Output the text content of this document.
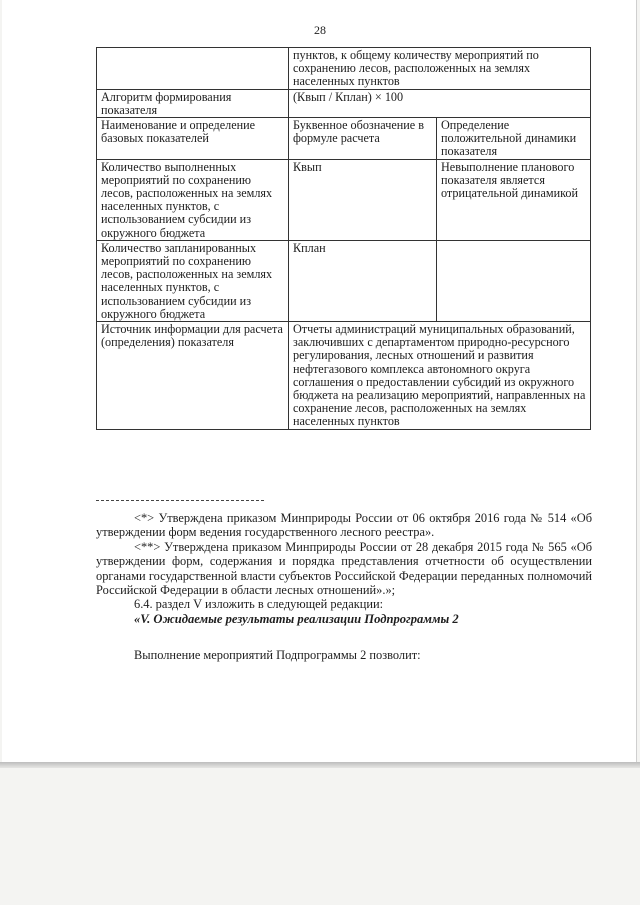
28
	пунктов, к общему количеству мероприятий по сохранению лесов, расположенных на землях населенных пунктов	
Алгоритм формирования показателя	(Квып / Кплан) × 100	
Наименование и определение базовых показателей	Буквенное обозначение в формуле расчета	Определение положительной динамики показателя
Количество выполненных мероприятий по сохранению лесов, расположенных на землях населенных пунктов, с использованием субсидии из окружного бюджета	Квып	Невыполнение планового показателя является отрицательной динамикой
Количество запланированных мероприятий по сохранению лесов, расположенных на землях населенных пунктов, с использованием субсидии из окружного бюджета	Кплан	
Источник информации для расчета (определения) показателя	Отчеты администраций муниципальных образований, заключивших с департаментом природно-ресурсного регулирования, лесных отношений и развития нефтегазового комплекса автономного округа соглашения о предоставлении субсидий из окружного бюджета на реализацию мероприятий, направленных на сохранение лесов, расположенных на землях населенных пунктов	

<*> Утверждена приказом Минприроды России от 06 октября 2016 года № 514 «Об утверждении форм ведения государственного лесного реестра».

<**> Утверждена приказом Минприроды России от 28 декабря 2015 года № 565 «Об утверждении форм, содержания и порядка представления отчетности об осуществлении органами государственной власти субъектов Российской Федерации переданных полномочий Российской Федерации в области лесных отношений».»;

6.4. раздел V изложить в следующей редакции:

«V. Ожидаемые результаты реализации Подпрограммы 2

Выполнение мероприятий Подпрограммы 2 позволит:
